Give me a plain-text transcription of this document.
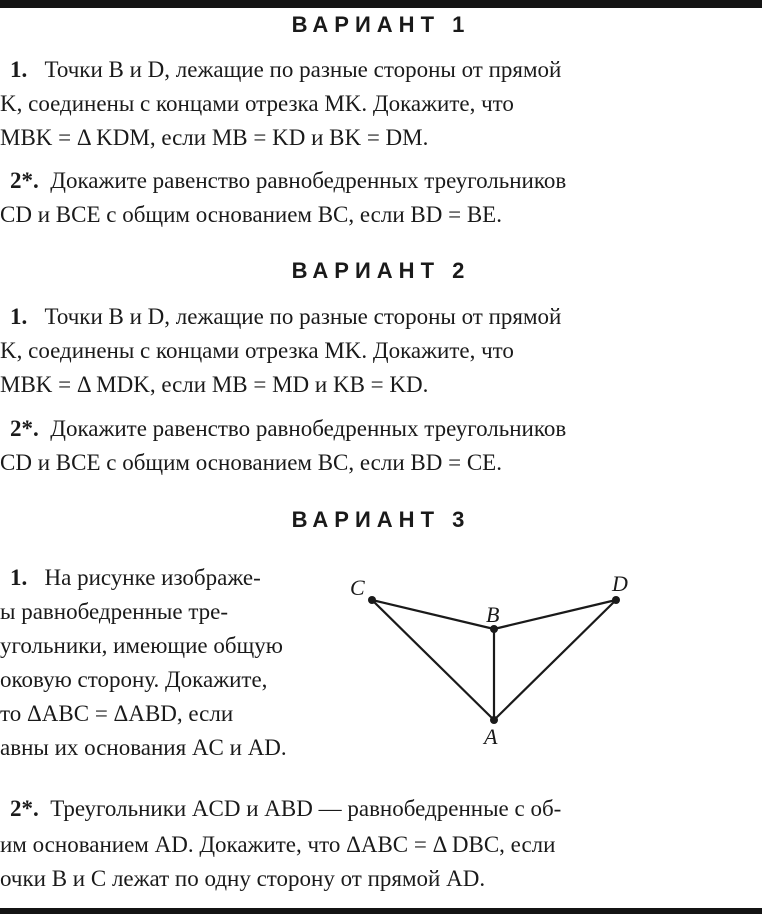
ВАРИАНТ 1
1. Точки B и D, лежащие по разные стороны от прямой
K, соединены с концами отрезка MK. Докажите, что
MBK = Δ KDM, если MB = KD и BK = DM.
2*. Докажите равенство равнобедренных треугольников
CD и BCE с общим основанием BC, если BD = BE.
ВАРИАНТ 2
1. Точки B и D, лежащие по разные стороны от прямой
K, соединены с концами отрезка MK. Докажите, что
MBK = Δ MDK, если MB = MD и KB = KD.
2*. Докажите равенство равнобедренных треугольников
CD и BCE с общим основанием BC, если BD = CE.
ВАРИАНТ 3
1. На рисунке изображе-
ы равнобедренные тре-
угольники, имеющие общую
оковую сторону. Докажите,
то ΔABC = ΔABD, если
авны их основания AC и AD.
C	D
B
A
2*. Треугольники ACD и ABD — равнобедренные с об-
им основанием AD. Докажите, что ΔABC = Δ DBC, если
очки B и C лежат по одну сторону от прямой AD.
